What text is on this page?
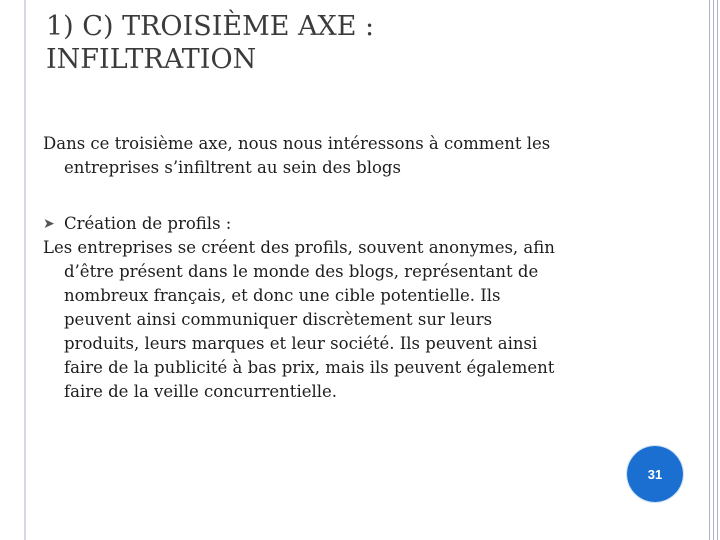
1) C) TROISIÈME AXE :
INFILTRATION

Dans ce troisième axe, nous nous intéressons à comment les
entreprises s’infiltrent au sein des blogs

➤ Création de profils :

Les entreprises se créent des profils, souvent anonymes, afin
d’être présent dans le monde des blogs, représentant de
nombreux français, et donc une cible potentielle. Ils
peuvent ainsi communiquer discrètement sur leurs
produits, leurs marques et leur société. Ils peuvent ainsi
faire de la publicité à bas prix, mais ils peuvent également
faire de la veille concurrentielle.

31
